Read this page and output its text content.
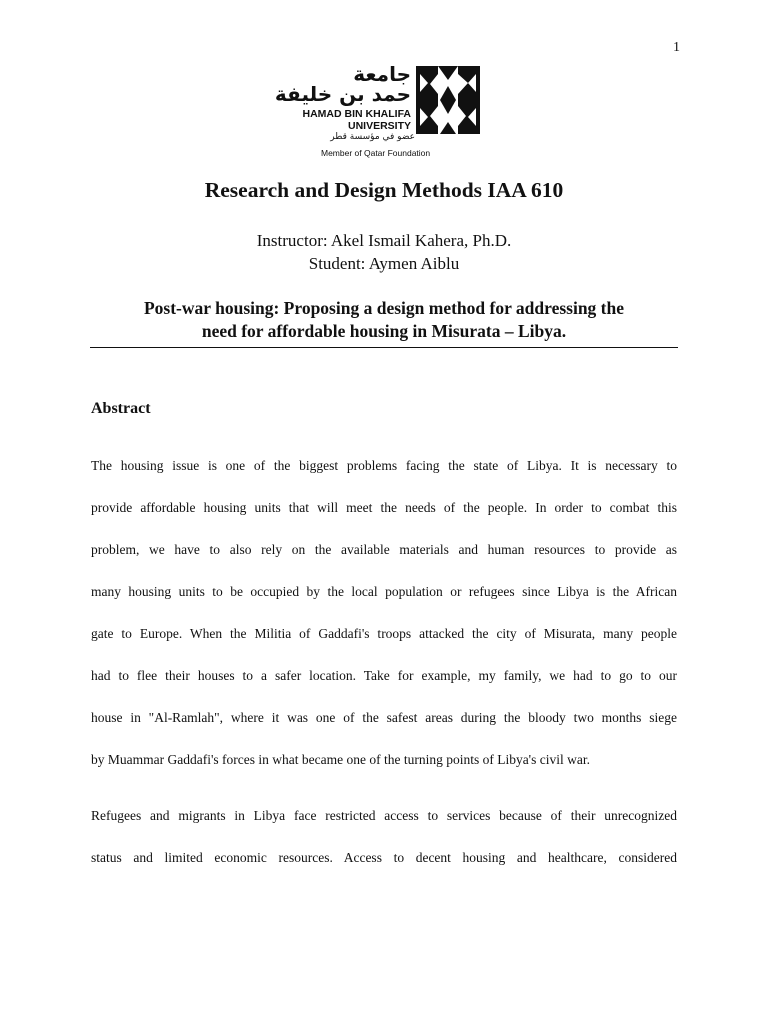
1
جامعة
حمد بن خليفة
HAMAD BIN KHALIFA
UNIVERSITY
عضو في مؤسسة قطر
Member of Qatar Foundation
Research and Design Methods IAA 610
Instructor: Akel Ismail Kahera, Ph.D.
Student: Aymen Aiblu
Post-war housing: Proposing a design method for addressing the
need for affordable housing in Misurata – Libya.
Abstract
The housing issue is one of the biggest problems facing the state of Libya. It is necessary to
provide affordable housing units that will meet the needs of the people. In order to combat this
problem, we have to also rely on the available materials and human resources to provide as
many housing units to be occupied by the local population or refugees since Libya is the African
gate to Europe. When the Militia of Gaddafi's troops attacked the city of Misurata, many people
had to flee their houses to a safer location. Take for example, my family, we had to go to our
house in "Al-Ramlah", where it was one of the safest areas during the bloody two months siege
by Muammar Gaddafi's forces in what became one of the turning points of Libya's civil war.
Refugees and migrants in Libya face restricted access to services because of their unrecognized
status and limited economic resources. Access to decent housing and healthcare, considered
